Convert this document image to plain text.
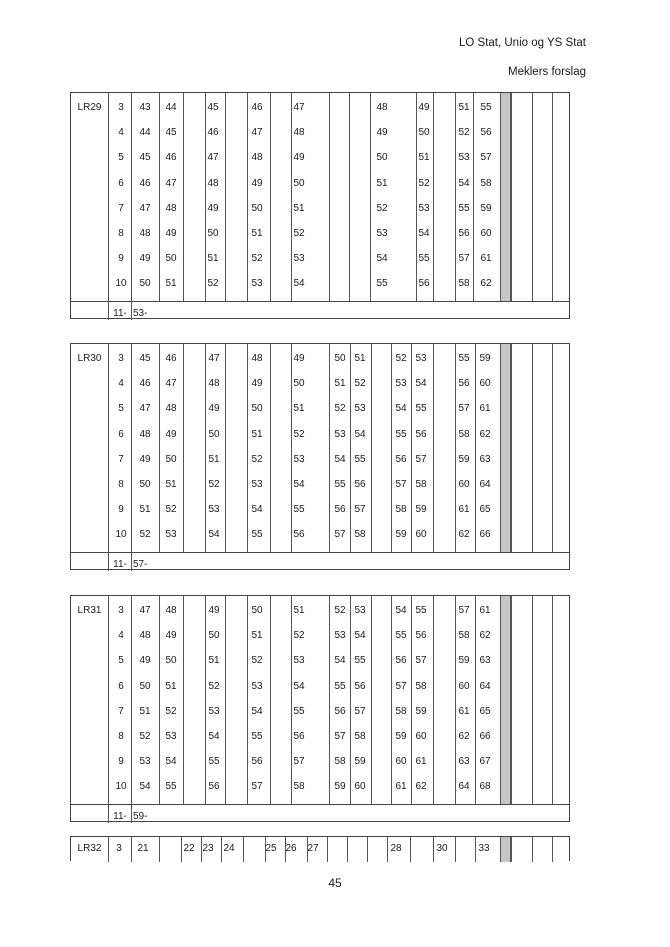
LO Stat, Unio og YS Stat
Meklers forslag
LR29	3	43	44	45	46	47	48	49	51	55
4	44	45	46	47	48	49	50	52	56
5	45	46	47	48	49	50	51	53	57
6	46	47	48	49	50	51	52	54	58
7	47	48	49	50	51	52	53	55	59
8	48	49	50	51	52	53	54	56	60
9	49	50	51	52	53	54	55	57	61
10	50	51	52	53	54	55	56	58	62
11- 53-
LR30	3	45	46	47	48	49	50 51	52 53	55 59
4	46	47	48	49	50	51 52	53 54	56 60
5	47	48	49	50	51	52 53	54 55	57 61
6	48	49	50	51	52	53 54	55 56	58 62
7	49	50	51	52	53	54 55	56 57	59 63
8	50	51	52	53	54	55 56	57 58	60 64
9	51	52	53	54	55	56 57	58 59	61 65
10	52	53	54	55	56	57 58	59 60	62 66
11- 57-
LR31	3	47	48	49	50	51	52 53	54 55	57 61
4	48	49	50	51	52	53 54	55 56	58 62
5	49	50	51	52	53	54 55	56 57	59 63
6	50	51	52	53	54	55 56	57 58	60 64
7	51	52	53	54	55	56 57	58 59	61 65
8	52	53	54	55	56	57 58	59 60	62 66
9	53	54	55	56	57	58 59	60 61	63 67
10	54	55	56	57	58	59 60	61 62	64 68
11- 59-
LR32	3	21	22 23 24	25 26	27	28	30	33
45
